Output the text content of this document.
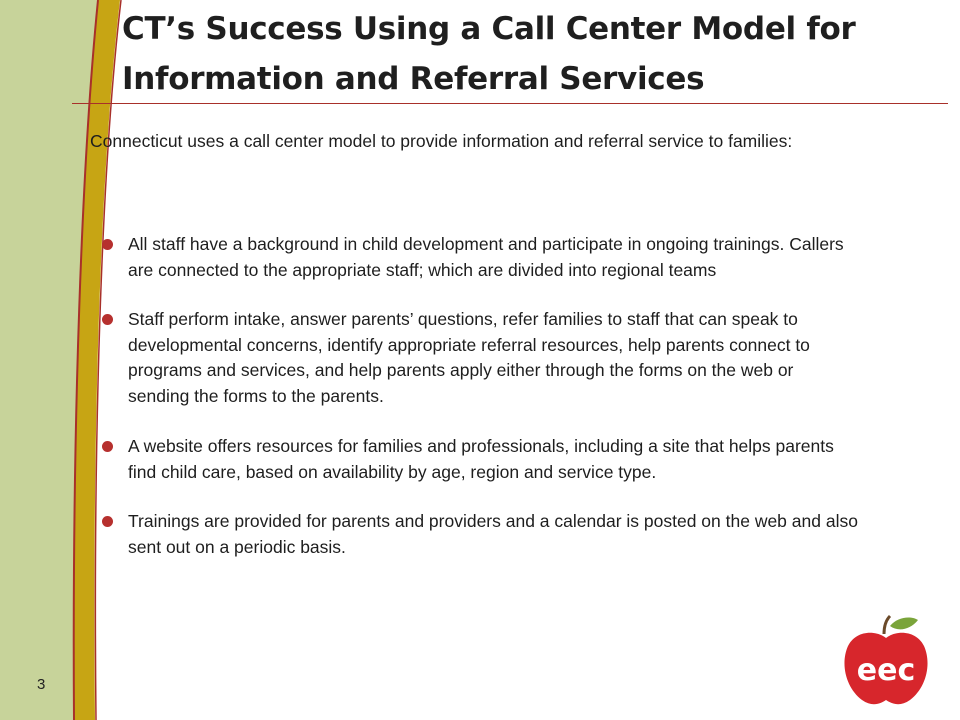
CT’s Success Using a Call Center Model for Information and Referral Services

Connecticut uses a call center model to provide information and referral service to families:

All staff have a background in child development and participate in ongoing trainings. Callers are connected to the appropriate staff; which are divided into regional teams
Staff perform intake, answer parents’ questions, refer families to staff that can speak to developmental concerns, identify appropriate referral resources, help parents connect to programs and services, and help parents apply either through the forms on the web or sending the forms to the parents.
A website offers resources for families and professionals, including a site that helps parents find child care, based on availability by age, region and service type.
Trainings are provided for parents and providers and a calendar is posted on the web and also sent out on a periodic basis.
3	eec
